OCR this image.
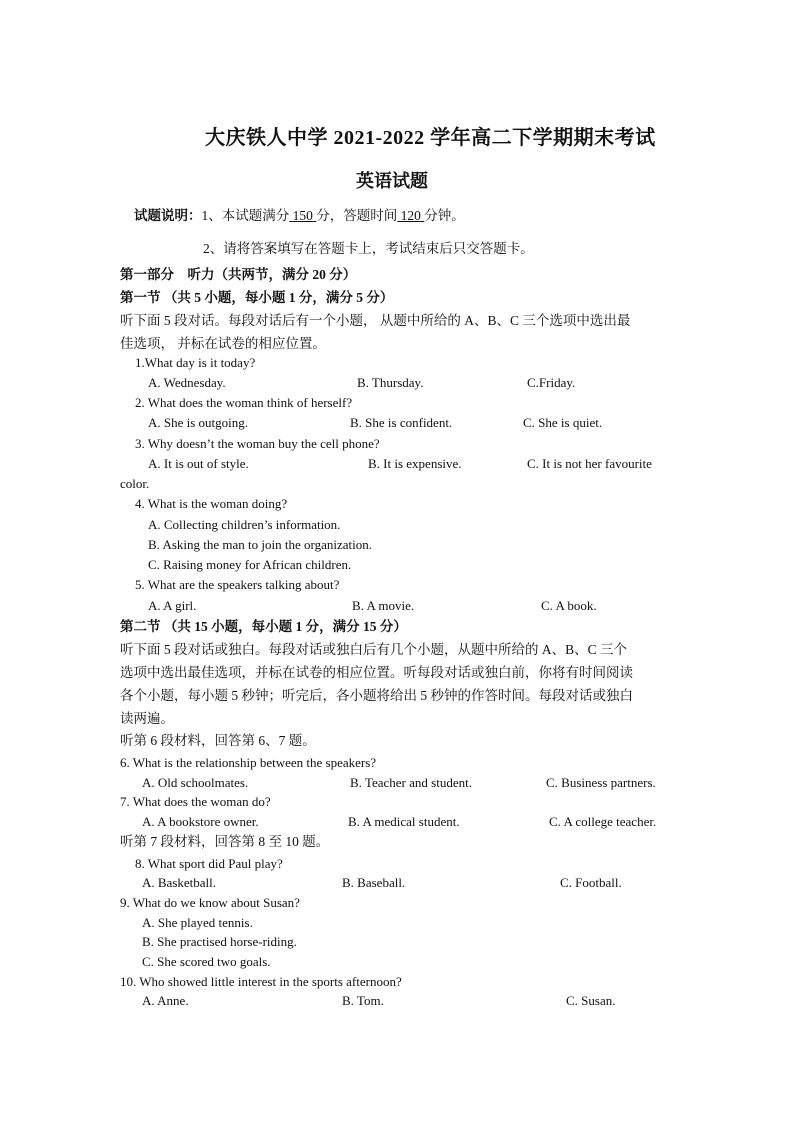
大庆铁人中学 2021-2022 学年高二下学期期末考试
英语试题
试题说明：1、本试题满分 150 分，答题时间 120 分钟。
2、请将答案填写在答题卡上，考试结束后只交答题卡。
第一部分　听力（共两节，满分 20 分）
第一节 （共 5 小题，每小题 1 分，满分 5 分）
听下面 5 段对话。每段对话后有一个小题， 从题中所给的 A、B、C 三个选项中选出最
佳选项， 并标在试卷的相应位置。
1.What day is it today?
A. Wednesday.	B. Thursday.	C.Friday.
2. What does the woman think of herself?
A. She is outgoing.	B. She is confident.	C. She is quiet.
3. Why doesn’t the woman buy the cell phone?
A. It is out of style.	B. It is expensive.	C. It is not her favourite
color.
4. What is the woman doing?
A. Collecting children’s information.
B. Asking the man to join the organization.
C. Raising money for African children.
5. What are the speakers talking about?
A. A girl.	B. A movie.	C. A book.
第二节 （共 15 小题，每小题 1 分，满分 15 分）
听下面 5 段对话或独白。每段对话或独白后有几个小题，从题中所给的 A、B、C 三个
选项中选出最佳选项，并标在试卷的相应位置。听每段对话或独白前，你将有时间阅读
各个小题，每小题 5 秒钟；听完后，各小题将给出 5 秒钟的作答时间。每段对话或独白
读两遍。
听第 6 段材料，回答第 6、7 题。
6. What is the relationship between the speakers?
A. Old schoolmates.	B. Teacher and student.	C. Business partners.
7. What does the woman do?
A. A bookstore owner.	B. A medical student.	C. A college teacher.
听第 7 段材料，回答第 8 至 10 题。
8. What sport did Paul play?
A. Basketball.	B. Baseball.	C. Football.
9. What do we know about Susan?
A. She played tennis.
B. She practised horse-riding.
C. She scored two goals.
10. Who showed little interest in the sports afternoon?
A. Anne.	B. Tom.	C. Susan.
